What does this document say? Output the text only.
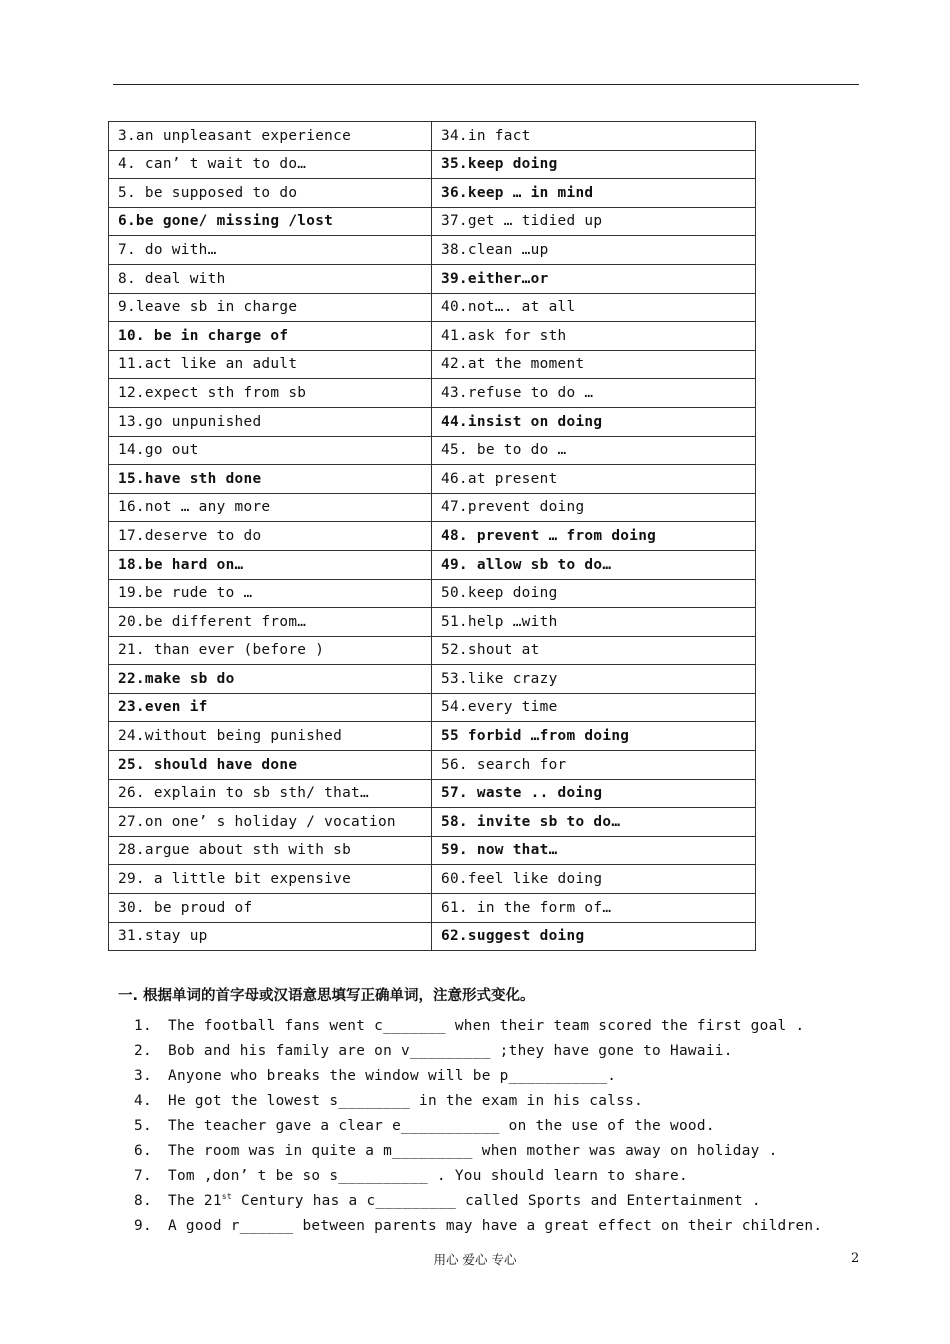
3.an unpleasant experience	34.in fact
4. can’ t wait to do…	35.keep doing
5. be supposed to do	36.keep … in mind
6.be gone/ missing /lost	37.get … tidied up
7. do with…	38.clean …up
8. deal with	39.either…or
9.leave sb in charge	40.not…. at all
10. be in charge of	41.ask for sth
11.act like an adult	42.at the moment
12.expect sth from sb	43.refuse to do …
13.go unpunished	44.insist on doing
14.go out	45. be to do …
15.have sth done	46.at present
16.not … any more	47.prevent doing
17.deserve to do	48. prevent … from doing
18.be hard on…	49. allow sb to do…
19.be rude to …	50.keep doing
20.be different from…	51.help …with
21. than ever (before )	52.shout at
22.make sb do	53.like crazy
23.even if	54.every time
24.without being punished	55 forbid …from doing
25. should have done	56. search for
26. explain to sb sth/ that…	57. waste .. doing
27.on one’ s holiday / vocation	58. invite sb to do…
28.argue about sth with sb	59. now that…
29. a little bit expensive	60.feel like doing
30. be proud of	61. in the form of…
31.stay up	62.suggest doing
一. 根据单词的首字母或汉语意思填写正确单词，注意形式变化。
1. The football fans went c_______ when their team scored the first goal .
2. Bob and his family are on v_________ ;they have gone to Hawaii.
3. Anyone who breaks the window will be p___________.
4. He got the lowest s________ in the exam in his calss.
5. The teacher gave a clear e___________ on the use of the wood.
6. The room was in quite a m_________ when mother was away on holiday .
7. Tom ,don’ t be so s__________ . You should learn to share.
8. The 21st Century has a c_________ called Sports and Entertainment .
9. A good r______ between parents may have a great effect on their children.
用心 爱心 专心	2
